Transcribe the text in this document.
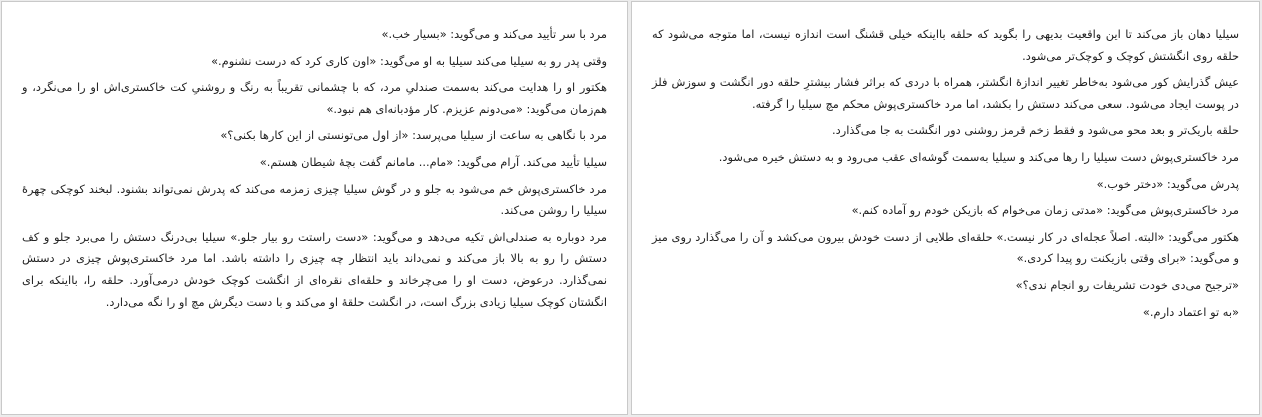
مرد با سر تأیید می‌کند و می‌گوید: «بسیار خب.»

وقتی پدر رو به سیلیا می‌کند سیلیا به او می‌گوید: «اون کاری کرد که درست نشنوم.»

هکتور او را هدایت می‌کند به‌سمت صندلیِ مرد، که با چشمانی تقریباً به رنگ و روشنیِ کت خاکستری‌اش او را می‌نگرد، و هم‌زمان می‌گوید: «می‌دونم عزیزم. کار مؤدبانه‌ای هم نبود.»

مرد با نگاهی به ساعت از سیلیا می‌پرسد: «از اول می‌تونستی از این کارها بکنی؟»

سیلیا تأیید می‌کند. آرام می‌گوید: «مام... مامانم گفت بچهٔ شیطان هستم.»

مرد خاکستری‌پوش خم می‌شود به جلو و در گوش سیلیا چیزی زمزمه می‌کند که پدرش نمی‌تواند بشنود. لبخند کوچکی چهرهٔ سیلیا را روشن می‌کند.

مرد دوباره به صندلی‌اش تکیه می‌دهد و می‌گوید: «دست راستت رو بیار جلو.» سیلیا بی‌درنگ دستش را می‌برد جلو و کف دستش را رو به بالا باز می‌کند و نمی‌داند باید انتظار چه چیزی را داشته باشد. اما مرد خاکستری‌پوش چیزی در دستش نمی‌گذارد. درعوض، دست او را می‌چرخاند و حلقه‌ای نقره‌ای از انگشت کوچک خودش درمی‌آورد. حلقه را، بااینکه برای انگشتان کوچک سیلیا زیادی بزرگ است، در انگشت حلقهٔ او می‌کند و با دست دیگرش مچ او را نگه می‌دارد.

سیلیا دهان باز می‌کند تا این واقعیت بدیهی را بگوید که حلقه بااینکه خیلی قشنگ است اندازه نیست، اما متوجه می‌شود که حلقه روی انگشتش کوچک و کوچک‌تر می‌شود.

عیش گذرایش کور می‌شود به‌خاطر تغییر اندازهٔ انگشتر، همراه با دردی که براثر فشار بیشترِ حلقه دور انگشت و سوزش فلز در پوست ایجاد می‌شود. سعی می‌کند دستش را بکشد، اما مرد خاکستری‌پوش محکم مچ سیلیا را گرفته.

حلقه باریک‌تر و بعد محو می‌شود و فقط زخم قرمز روشنی دور انگشت به جا می‌گذارد.

مرد خاکستری‌پوش دست سیلیا را رها می‌کند و سیلیا به‌سمت گوشه‌ای عقب می‌رود و به دستش خیره می‌شود.

پدرش می‌گوید: «دختر خوب.»

مرد خاکستری‌پوش می‌گوید: «مدتی زمان می‌خوام که بازیکن خودم رو آماده کنم.»

هکتور می‌گوید: «البته. اصلاً عجله‌ای در کار نیست.» حلقه‌ای طلایی از دست خودش بیرون می‌کشد و آن را می‌گذارد روی میز و می‌گوید: «برای وقتی بازیکنت رو پیدا کردی.»

«ترجیح می‌دی خودت تشریفات رو انجام ندی؟»

«به تو اعتماد دارم.»
